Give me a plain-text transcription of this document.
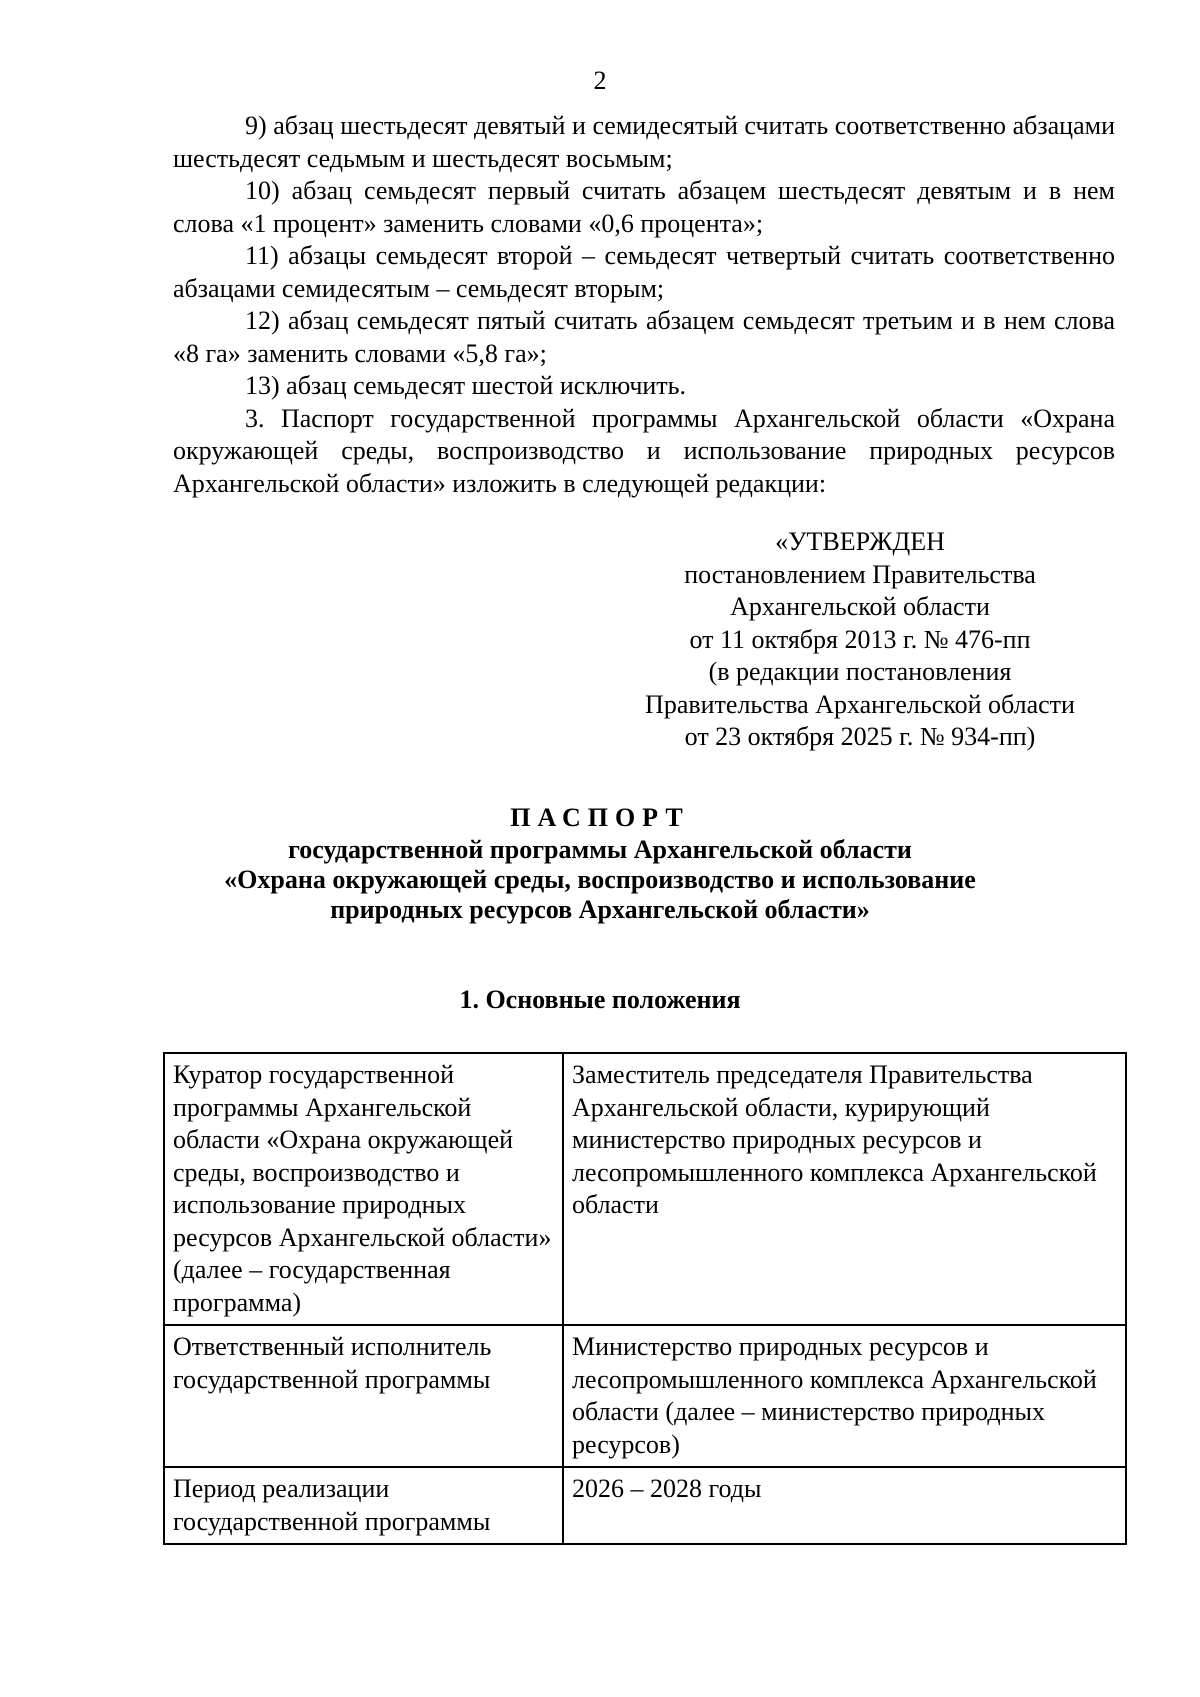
2

9) абзац шестьдесят девятый и семидесятый считать соответственно абзацами шестьдесят седьмым и шестьдесят восьмым;

10) абзац семьдесят первый считать абзацем шестьдесят девятым и в нем слова «1 процент» заменить словами «0,6 процента»;

11) абзацы семьдесят второй – семьдесят четвертый считать соответственно абзацами семидесятым – семьдесят вторым;

12) абзац семьдесят пятый считать абзацем семьдесят третьим и в нем слова «8 га» заменить словами «5,8 га»;

13) абзац семьдесят шестой исключить.

3. Паспорт государственной программы Архангельской области «Охрана окружающей среды, воспроизводство и использование природных ресурсов Архангельской области» изложить в следующей редакции:

«УТВЕРЖДЕН
постановлением Правительства
Архангельской области
от 11 октября 2013 г. № 476-пп
(в редакции постановления
Правительства Архангельской области
от 23 октября 2025 г. № 934-пп)
ПАСПОРТ
государственной программы Архангельской области
«Охрана окружающей среды, воспроизводство и использование
природных ресурсов Архангельской области»
1. Основные положения
Куратор государственной программы Архангельской области «Охрана окружающей среды, воспроизводство и использование природных ресурсов Архангельской области» (далее – государственная программа)	Заместитель председателя Правительства Архангельской области, курирующий министерство природных ресурсов и лесопромышленного комплекса Архангельской области
Ответственный исполнитель государственной программы	Министерство природных ресурсов и лесопромышленного комплекса Архангельской области (далее – министерство природных ресурсов)
Период реализации государственной программы	2026 – 2028 годы
